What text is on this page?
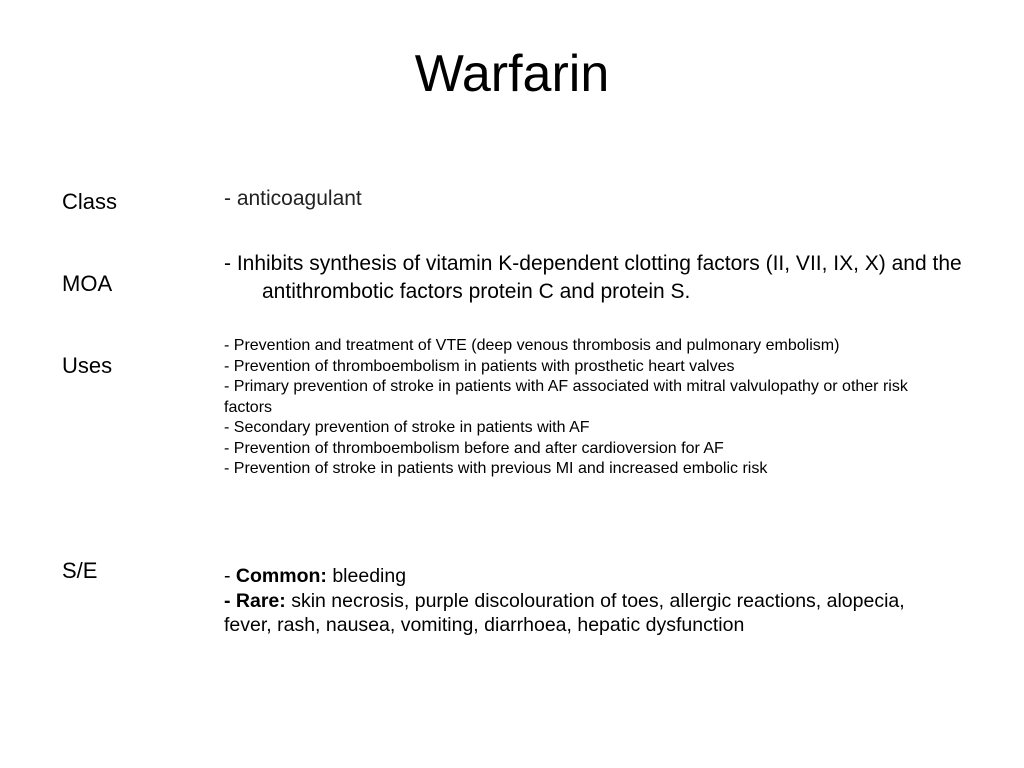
Warfarin

Class	- anticoagulant

MOA

- Inhibits synthesis of vitamin K-dependent clotting factors (II, VII, IX, X) and the antithrombotic factors protein C and protein S.

Uses

- Prevention and treatment of VTE (deep venous thrombosis and pulmonary embolism)
- Prevention of thromboembolism in patients with prosthetic heart valves
- Primary prevention of stroke in patients with AF associated with mitral valvulopathy or other risk factors
- Secondary prevention of stroke in patients with AF
- Prevention of thromboembolism before and after cardioversion for AF
- Prevention of stroke in patients with previous MI and increased embolic risk

S/E	- Common: bleeding
- Rare: skin necrosis, purple discolouration of toes, allergic reactions, alopecia, fever, rash, nausea, vomiting, diarrhoea, hepatic dysfunction
